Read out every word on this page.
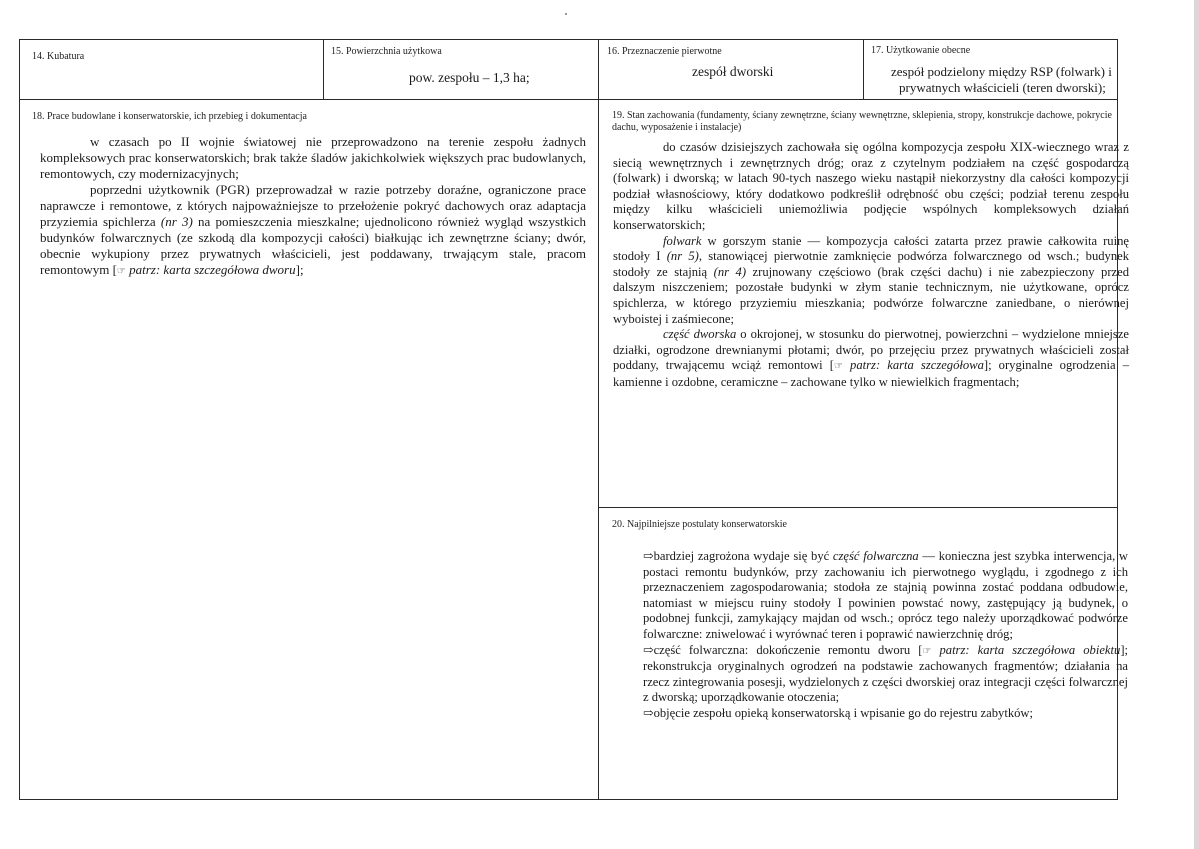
14. Kubatura	15. Powierzchnia użytkowa
pow. zespołu – 1,3 ha;
16. Przeznaczenie pierwotne
zespół dworski
17. Użytkowanie obecne
zespół podzielony między RSP (folwark) i
prywatnych właścicieli (teren dworski);
18. Prace budowlane i konserwatorskie, ich przebieg i dokumentacja

w czasach po II wojnie światowej nie przeprowadzono na terenie zespołu żadnych kompleksowych prac konserwatorskich; brak także śladów jakichkolwiek większych prac budowlanych, remontowych, czy modernizacyjnych;

poprzedni użytkownik (PGR) przeprowadzał w razie potrzeby doraźne, ograniczone prace naprawcze i remontowe, z których najpoważniejsze to przełożenie pokryć dachowych oraz adaptacja przyziemia spichlerza (nr 3) na pomieszczenia mieszkalne; ujednolicono również wygląd wszystkich budynków folwarcznych (ze szkodą dla kompozycji całości) białkując ich zewnętrzne ściany; dwór, obecnie wykupiony przez prywatnych właścicieli, jest poddawany, trwającym stale, pracom remontowym [☞ patrz: karta szczegółowa dworu];

19. Stan zachowania (fundamenty, ściany zewnętrzne, ściany wewnętrzne, sklepienia, stropy, konstrukcje dachowe, pokrycie dachu, wyposażenie i instalacje)

do czasów dzisiejszych zachowała się ogólna kompozycja zespołu XIX-wiecznego wraz z siecią wewnętrznych i zewnętrznych dróg; oraz z czytelnym podziałem na część gospodarczą (folwark) i dworską; w latach 90-tych naszego wieku nastąpił niekorzystny dla całości kompozycji podział własnościowy, który dodatkowo podkreślił odrębność obu części; podział terenu zespołu między kilku właścicieli uniemożliwia podjęcie wspólnych kompleksowych działań konserwatorskich;

folwark w gorszym stanie — kompozycja całości zatarta przez prawie całkowita ruinę stodoły I (nr 5), stanowiącej pierwotnie zamknięcie podwórza folwarcznego od wsch.; budynek stodoły ze stajnią (nr 4) zrujnowany częściowo (brak części dachu) i nie zabezpieczony przed dalszym niszczeniem; pozostałe budynki w złym stanie technicznym, nie użytkowane, oprócz spichlerza, w którego przyziemiu mieszkania; podwórze folwarczne zaniedbane, o nierównej wyboistej i zaśmiecone;

część dworska o okrojonej, w stosunku do pierwotnej, powierzchni – wydzielone mniejsze działki, ogrodzone drewnianymi płotami; dwór, po przejęciu przez prywatnych właścicieli został poddany, trwającemu wciąż remontowi [☞ patrz: karta szczegółowa]; oryginalne ogrodzenia – kamienne i ozdobne, ceramiczne – zachowane tylko w niewielkich fragmentach;

20. Najpilniejsze postulaty konserwatorskie

⇨bardziej zagrożona wydaje się być część folwarczna — konieczna jest szybka interwencja, w postaci remontu budynków, przy zachowaniu ich pierwotnego wyglądu, i zgodnego z ich przeznaczeniem zagospodarowania; stodoła ze stajnią powinna zostać poddana odbudowie, natomiast w miejscu ruiny stodoły I powinien powstać nowy, zastępujący ją budynek, o podobnej funkcji, zamykający majdan od wsch.; oprócz tego należy uporządkować podwórze folwarczne: zniwelować i wyrównać teren i poprawić nawierzchnię dróg;

⇨część folwarczna: dokończenie remontu dworu [☞ patrz: karta szczegółowa obiektu]; rekonstrukcja oryginalnych ogrodzeń na podstawie zachowanych fragmentów; działania na rzecz zintegrowania posesji, wydzielonych z części dworskiej oraz integracji części folwarcznej z dworską; uporządkowanie otoczenia;

⇨objęcie zespołu opieką konserwatorską i wpisanie go do rejestru zabytków;
